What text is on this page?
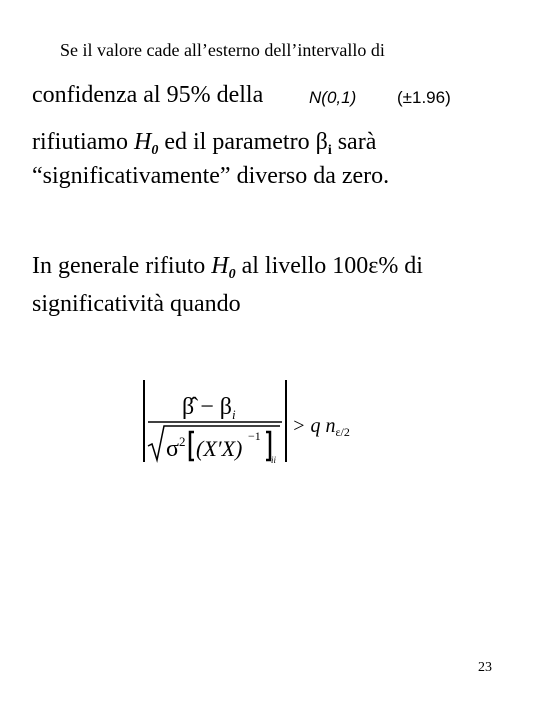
Se il valore cade all’esterno dell’intervallo di
confidenza al 95% della	N(0,1) (±1.96)
rifiutiamo $H_0$ ed il parametro $\beta_i$ sarà
“significativamente” diverso da zero.
In generale rifiuto $H_0$ al livello 100ε% di
significatività quando
β̂ − $\beta_i$
$\sigma^2$ (X′X) −1
ii
> q $n_{\varepsilon/2}$
23
